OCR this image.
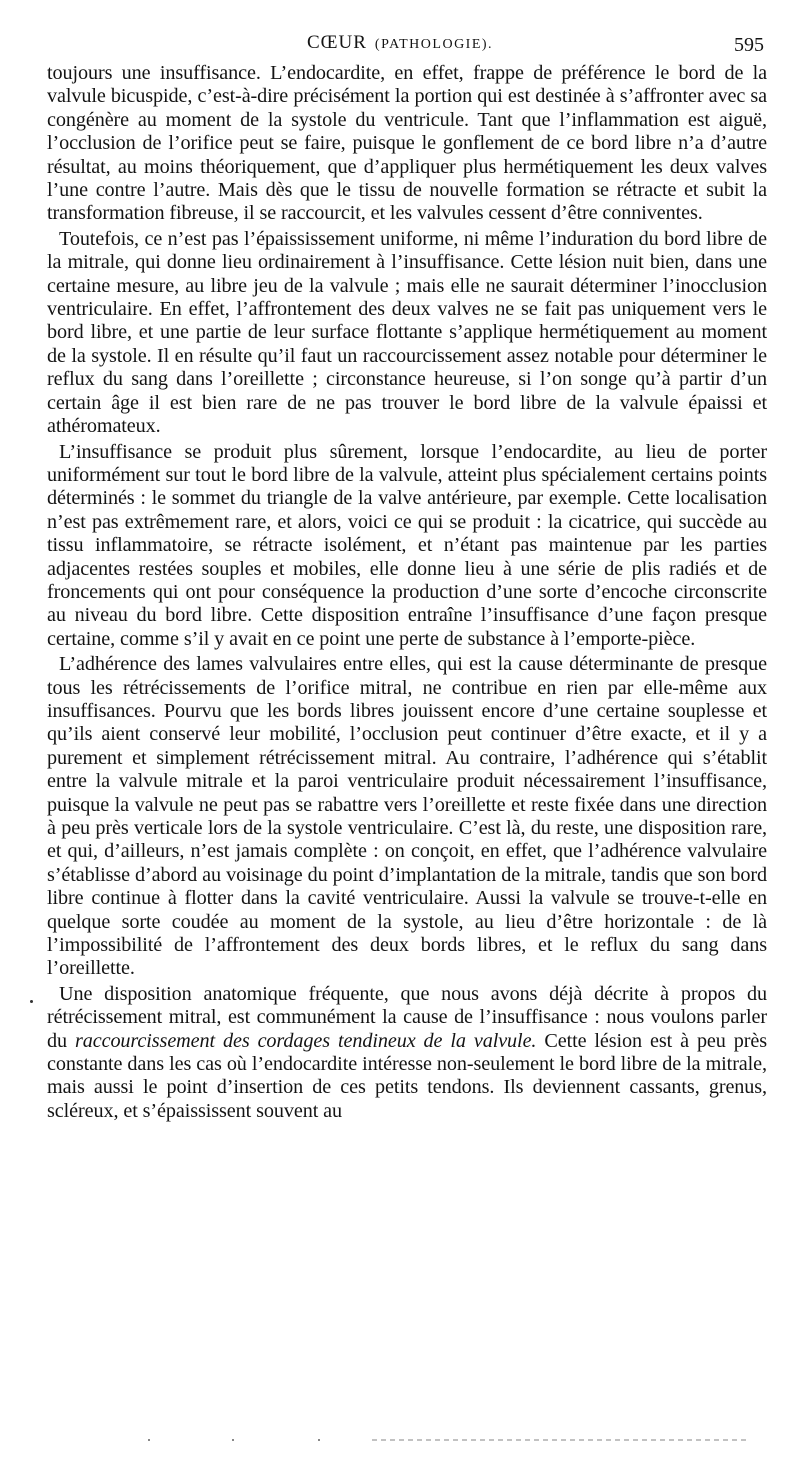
CŒUR (PATHOLOGIE).	595

toujours une insuffisance. L’endocardite, en effet, frappe de préférence le bord de la valvule bicuspide, c’est-à-dire précisément la portion qui est destinée à s’affronter avec sa congénère au moment de la systole du ventricule. Tant que l’inflammation est aiguë, l’occlusion de l’orifice peut se faire, puisque le gonflement de ce bord libre n’a d’autre résultat, au moins théoriquement, que d’appliquer plus hermétiquement les deux valves l’une contre l’autre. Mais dès que le tissu de nouvelle formation se rétracte et subit la transformation fibreuse, il se raccourcit, et les valvules cessent d’être conniventes.

Toutefois, ce n’est pas l’épaississement uniforme, ni même l’induration du bord libre de la mitrale, qui donne lieu ordinairement à l’insuffisance. Cette lésion nuit bien, dans une certaine mesure, au libre jeu de la valvule ; mais elle ne saurait déterminer l’inocclusion ventriculaire. En effet, l’affrontement des deux valves ne se fait pas uniquement vers le bord libre, et une partie de leur surface flottante s’applique hermétiquement au moment de la systole. Il en résulte qu’il faut un raccourcissement assez notable pour déterminer le reflux du sang dans l’oreillette ; circonstance heureuse, si l’on songe qu’à partir d’un certain âge il est bien rare de ne pas trouver le bord libre de la valvule épaissi et athéromateux.

L’insuffisance se produit plus sûrement, lorsque l’endocardite, au lieu de porter uniformément sur tout le bord libre de la valvule, atteint plus spécialement certains points déterminés : le sommet du triangle de la valve antérieure, par exemple. Cette localisation n’est pas extrêmement rare, et alors, voici ce qui se produit : la cicatrice, qui succède au tissu inflammatoire, se rétracte isolément, et n’étant pas maintenue par les parties adjacentes restées souples et mobiles, elle donne lieu à une série de plis radiés et de froncements qui ont pour conséquence la production d’une sorte d’encoche circonscrite au niveau du bord libre. Cette disposition entraîne l’insuffisance d’une façon presque certaine, comme s’il y avait en ce point une perte de substance à l’emporte-pièce.

L’adhérence des lames valvulaires entre elles, qui est la cause déterminante de presque tous les rétrécissements de l’orifice mitral, ne contribue en rien par elle-même aux insuffisances. Pourvu que les bords libres jouissent encore d’une certaine souplesse et qu’ils aient conservé leur mobilité, l’occlusion peut continuer d’être exacte, et il y a purement et simplement rétrécissement mitral. Au contraire, l’adhérence qui s’établit entre la valvule mitrale et la paroi ventriculaire produit nécessairement l’insuffisance, puisque la valvule ne peut pas se rabattre vers l’oreillette et reste fixée dans une direction à peu près verticale lors de la systole ventriculaire. C’est là, du reste, une disposition rare, et qui, d’ailleurs, n’est jamais complète : on conçoit, en effet, que l’adhérence valvulaire s’établisse d’abord au voisinage du point d’implantation de la mitrale, tandis que son bord libre continue à flotter dans la cavité ventriculaire. Aussi la valvule se trouve-t-elle en quelque sorte coudée au moment de la systole, au lieu d’être horizontale : de là l’impossibilité de l’affrontement des deux bords libres, et le reflux du sang dans l’oreillette.

Une disposition anatomique fréquente, que nous avons déjà décrite à propos du rétrécissement mitral, est communément la cause de l’insuffisance : nous voulons parler du raccourcissement des cordages tendineux de la valvule. Cette lésion est à peu près constante dans les cas où l’endocardite intéresse non-seulement le bord libre de la mitrale, mais aussi le point d’insertion de ces petits tendons. Ils deviennent cassants, grenus, scléreux, et s’épaississent souvent au
